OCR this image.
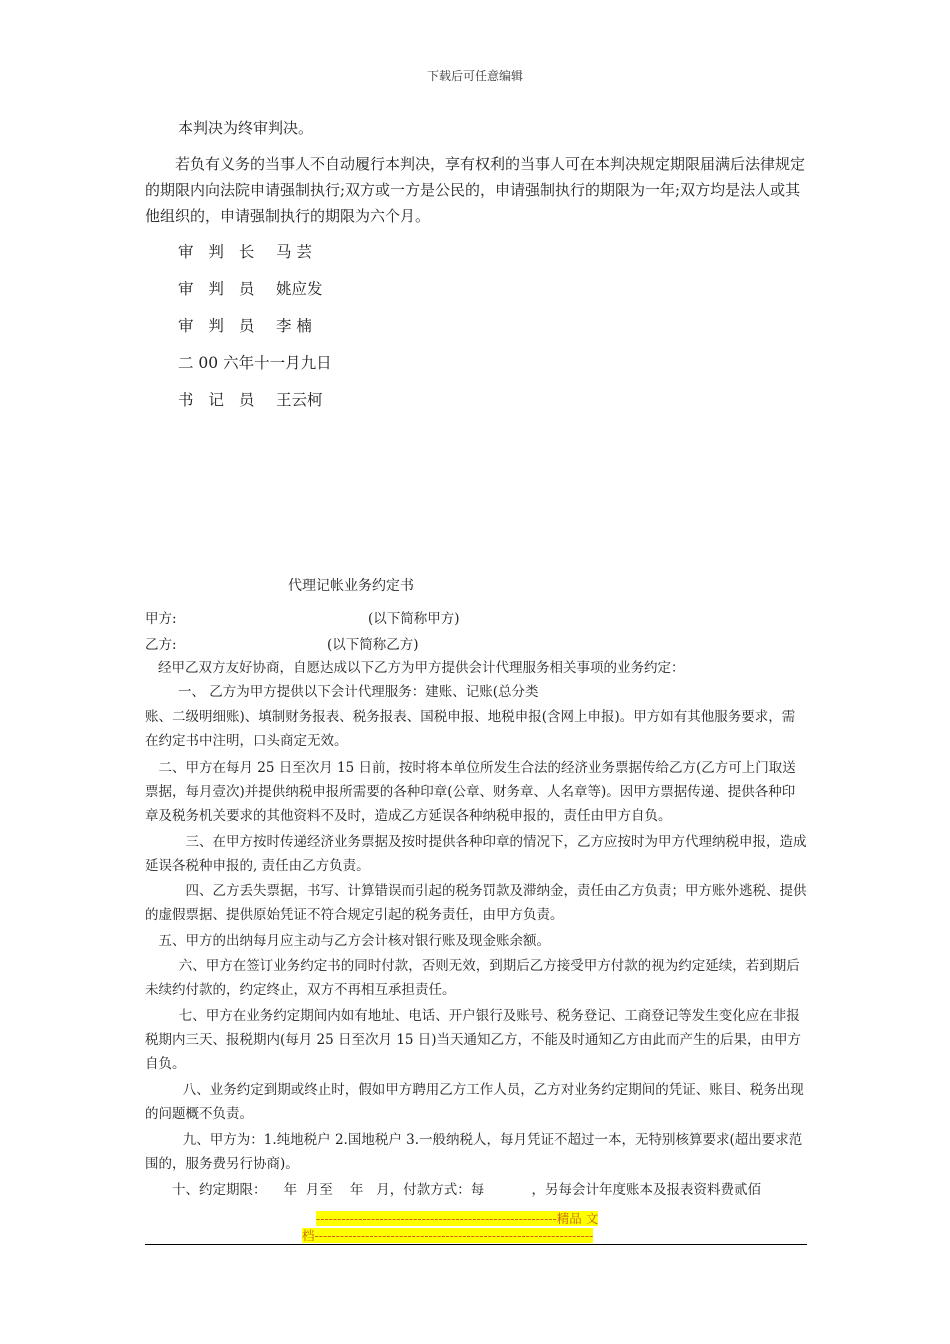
下载后可任意编辑
本判决为终审判决。
若负有义务的当事人不自动履行本判决，享有权利的当事人可在本判决规定期限届满后法律规定的期限内向法院申请强制执行;双方或一方是公民的，申请强制执行的期限为一年;双方均是法人或其他组织的，申请强制执行的期限为六个月。
审 判 长 马 芸
审 判 员 姚应发
审 判 员 李 楠
二 00 六年十一月九日
书 记 员 王云柯
代理记帐业务约定书
甲方:	(以下简称甲方)
乙方:	(以下简称乙方)
经甲乙双方友好协商，自愿达成以下乙方为甲方提供会计代理服务相关事项的业务约定：
一、 乙方为甲方提供以下会计代理服务：建账、记账(总分类
账、二级明细账)、填制财务报表、税务报表、国税申报、地税申报(含网上申报)。甲方如有其他服务要求，需在约定书中注明，口头商定无效。
二、甲方在每月 25 日至次月 15 日前，按时将本单位所发生合法的经济业务票据传给乙方(乙方可上门取送票据，每月壹次)并提供纳税申报所需要的各种印章(公章、财务章、人名章等)。因甲方票据传递、提供各种印章及税务机关要求的其他资料不及时，造成乙方延误各种纳税申报的，责任由甲方自负。
三、在甲方按时传递经济业务票据及按时提供各种印章的情况下，乙方应按时为甲方代理纳税申报，造成延误各税种申报的, 责任由乙方负责。
四、乙方丢失票据，书写、计算错误而引起的税务罚款及滞纳金，责任由乙方负责；甲方账外逃税、提供的虚假票据、提供原始凭证不符合规定引起的税务责任，由甲方负责。
五、甲方的出纳每月应主动与乙方会计核对银行账及现金账余额。
六、甲方在签订业务约定书的同时付款，否则无效，到期后乙方接受甲方付款的视为约定延续，若到期后未续约付款的，约定终止，双方不再相互承担责任。
七、甲方在业务约定期间内如有地址、电话、开户银行及账号、税务登记、工商登记等发生变化应在非报税期内三天、报税期内(每月 25 日至次月 15 日)当天通知乙方，不能及时通知乙方由此而产生的后果，由甲方自负。
八、业务约定到期或终止时，假如甲方聘用乙方工作人员，乙方对业务约定期间的凭证、账目、税务出现的问题概不负责。
九、甲方为：1.纯地税户 2.国地税户 3.一般纳税人，每月凭证不超过一本，无特别核算要求(超出要求范围的，服务费另行协商)。
十、约定期限：    年  月至    年   月，付款方式：每           ，另每会计年度账本及报表资料费贰佰
---------------------------------------------------------精品 文
档------------------------------------------------------------------
